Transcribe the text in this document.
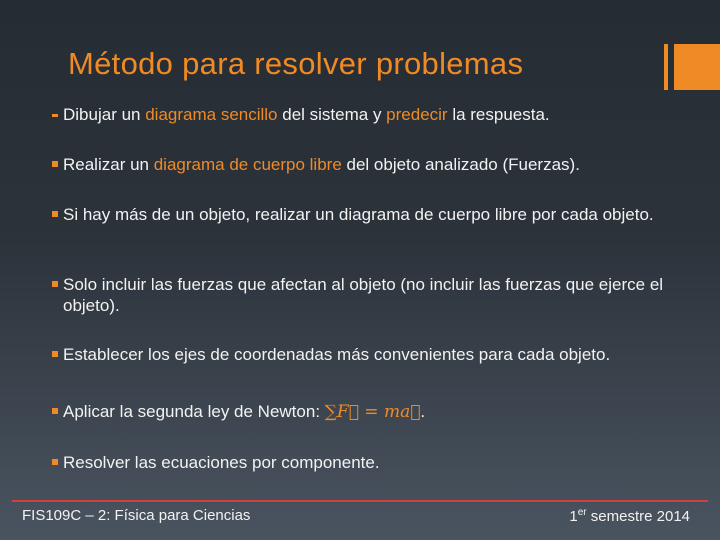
Método para resolver problemas
Dibujar un diagrama sencillo del sistema y predecir la respuesta.
Realizar un diagrama de cuerpo libre del objeto analizado (Fuerzas).
Si hay más de un objeto, realizar un diagrama de cuerpo libre por cada objeto.
Solo incluir las fuerzas que afectan al objeto (no incluir las fuerzas que ejerce el objeto).
Establecer los ejes de coordenadas más convenientes para cada objeto.
Aplicar la segunda ley de Newton: ∑F⃗ = ma⃗.
Resolver las ecuaciones por componente.
FIS109C – 2: Física para Ciencias	1er semestre 2014
